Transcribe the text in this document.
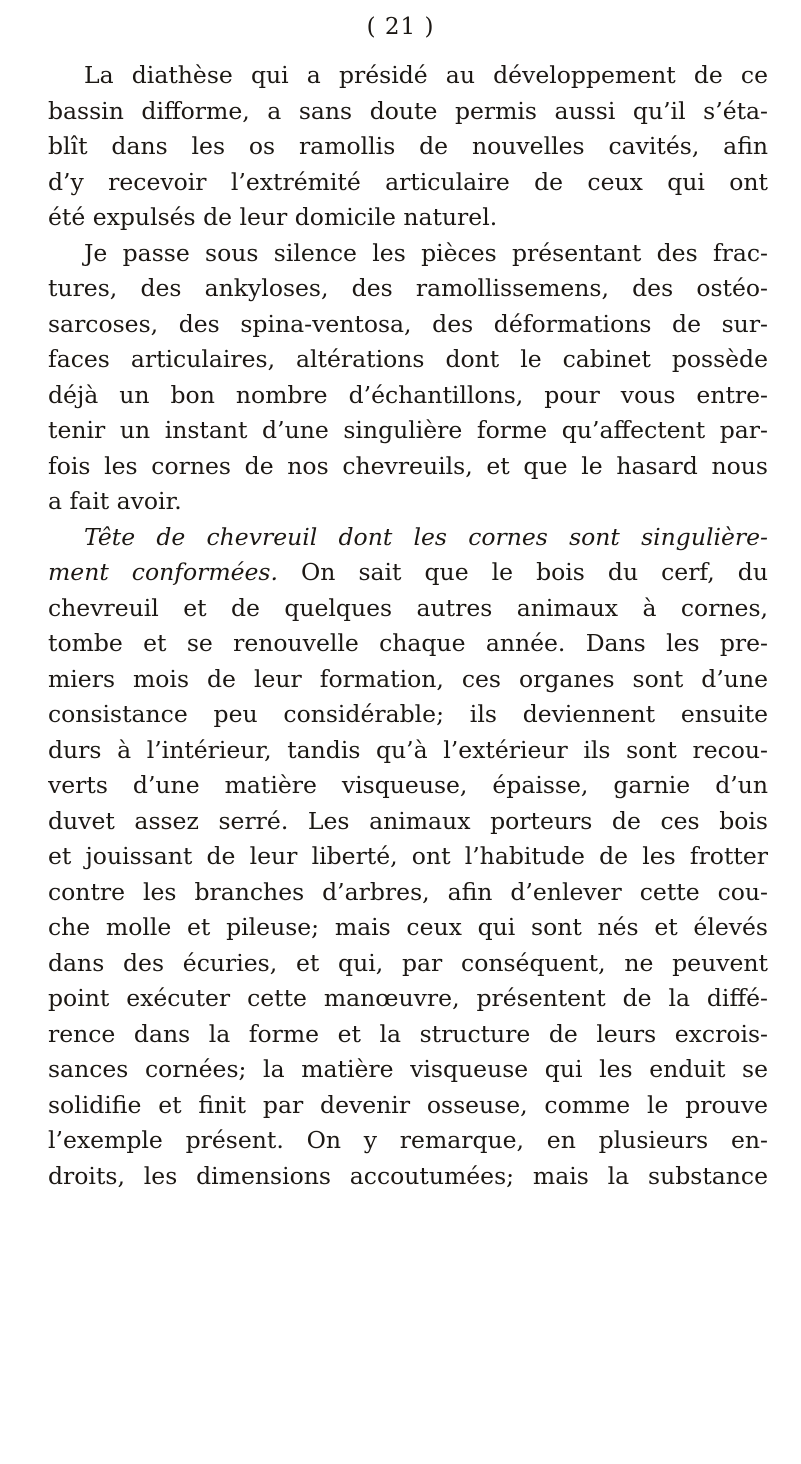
( 21 )
La diathèse qui a présidé au développement de ce
bassin difforme, a sans doute permis aussi qu’il s’éta-
blît dans les os ramollis de nouvelles cavités, afin
d’y recevoir l’extrémité articulaire de ceux qui ont
été expulsés de leur domicile naturel.
Je passe sous silence les pièces présentant des frac-
tures, des ankyloses, des ramollissemens, des ostéo-
sarcoses, des spina-ventosa, des déformations de sur-
faces articulaires, altérations dont le cabinet possède
déjà un bon nombre d’échantillons, pour vous entre-
tenir un instant d’une singulière forme qu’affectent par-
fois les cornes de nos chevreuils, et que le hasard nous
a fait avoir.
Tête de chevreuil dont les cornes sont singulière-
ment conformées. On sait que le bois du cerf, du
chevreuil et de quelques autres animaux à cornes,
tombe et se renouvelle chaque année. Dans les pre-
miers mois de leur formation, ces organes sont d’une
consistance peu considérable; ils deviennent ensuite
durs à l’intérieur, tandis qu’à l’extérieur ils sont recou-
verts d’une matière visqueuse, épaisse, garnie d’un
duvet assez serré. Les animaux porteurs de ces bois
et jouissant de leur liberté, ont l’habitude de les frotter
contre les branches d’arbres, afin d’enlever cette cou-
che molle et pileuse; mais ceux qui sont nés et élevés
dans des écuries, et qui, par conséquent, ne peuvent
point exécuter cette manœuvre, présentent de la diffé-
rence dans la forme et la structure de leurs excrois-
sances cornées; la matière visqueuse qui les enduit se
solidifie et finit par devenir osseuse, comme le prouve
l’exemple présent. On y remarque, en plusieurs en-
droits, les dimensions accoutumées; mais la substance
